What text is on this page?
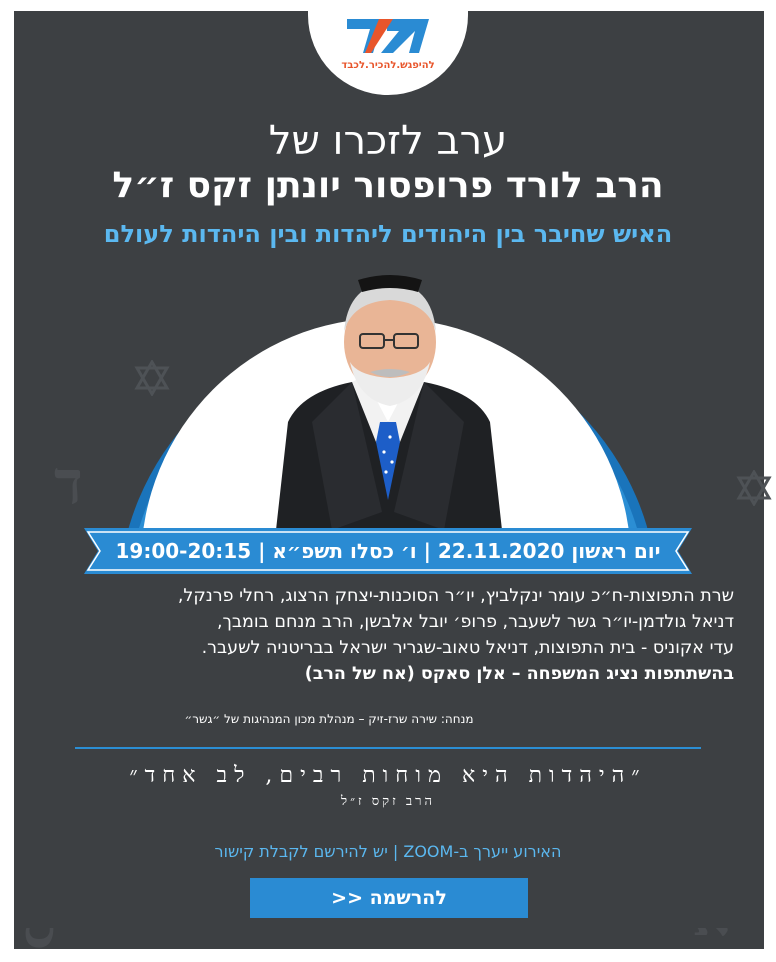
ד
להיפגש.להכיר.לכבד
ערב לזכרו של
הרב לורד פרופסור יונתן זקס ז״ל
האיש שחיבר בין היהודים ליהדות ובין היהדות לעולם
יום ראשון 22.11.2020 | ו׳ כסלו תשפ״א | 19:00-20:15
שרת התפוצות-ח״כ עומר ינקלביץ, יו״ר הסוכנות-יצחק הרצוג, רחלי פרנקל,
דניאל גולדמן-יו״ר גשר לשעבר, פרופ׳ יובל אלבשן, הרב מנחם בומבך,
עדי אקוניס - בית התפוצות, דניאל טאוב-שגריר ישראל בבריטניה לשעבר.
בהשתתפות נציג המשפחה – אלן סאקס (אח של הרב)
מנחה: שירה שרז-זיק – מנהלת מכון המנהיגות של ״גשר״
״היהדות היא מוחות רבים, לב אחד״
הרב זקס ז״ל
האירוע ייערך ב-ZOOM | יש להירשם לקבלת קישור
להרשמה <<
